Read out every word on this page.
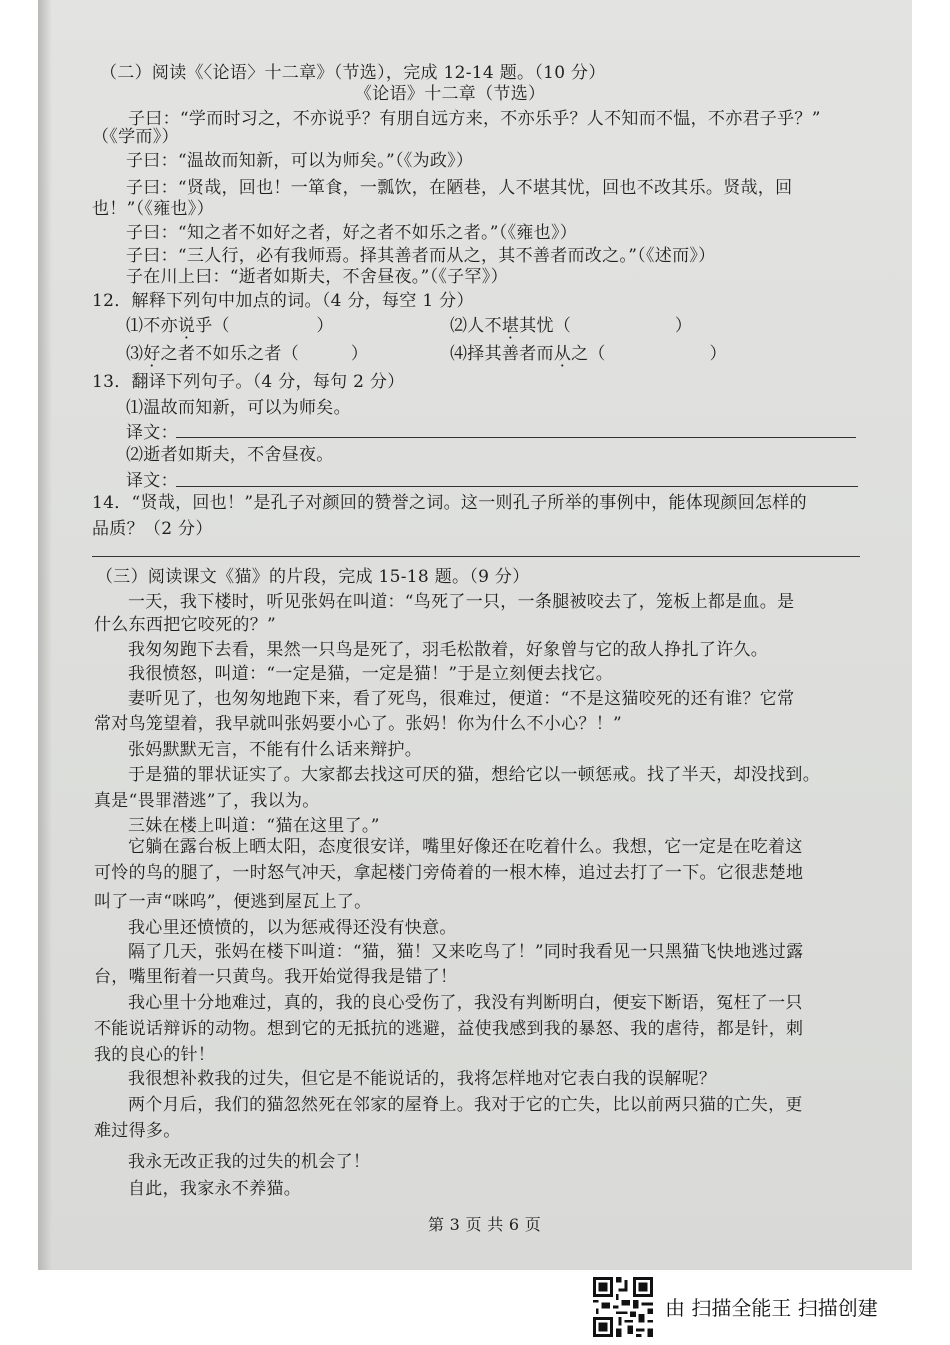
（二）阅读《〈论语〉十二章》（节选），完成 12-14 题。（10 分）
《论语》十二章（节选）
子曰：“学而时习之，不亦说乎？有朋自远方来，不亦乐乎？人不知而不愠，不亦君子乎？”
（《学而》）
子曰：“温故而知新，可以为师矣。”（《为政》）
子曰：“贤哉，回也！一箪食，一瓢饮，在陋巷，人不堪其忧，回也不改其乐。贤哉，回
也！”（《雍也》）
子曰：“知之者不如好之者，好之者不如乐之者。”（《雍也》）
子曰：“三人行，必有我师焉。择其善者而从之，其不善者而改之。”（《述而》）
子在川上曰：“逝者如斯夫，不舍昼夜。”（《子罕》）
12．解释下列句中加点的词。（4 分，每空 1 分）
⑴不亦说乎（　　　　　）	⑵人不堪其忧（　　　　　　）
⑶好之者不如乐之者（　　　）	⑷择其善者而从之（　　　　　　）
13．翻译下列句子。（4 分，每句 2 分）
⑴温故而知新，可以为师矣。
译文：
⑵逝者如斯夫，不舍昼夜。
译文：
14．“贤哉，回也！”是孔子对颜回的赞誉之词。这一则孔子所举的事例中，能体现颜回怎样的
品质？（2 分）
（三）阅读课文《猫》的片段，完成 15-18 题。（9 分）
一天，我下楼时，听见张妈在叫道：“鸟死了一只，一条腿被咬去了，笼板上都是血。是
什么东西把它咬死的？”
我匆匆跑下去看，果然一只鸟是死了，羽毛松散着，好象曾与它的敌人挣扎了许久。
我很愤怒，叫道：“一定是猫，一定是猫！”于是立刻便去找它。
妻听见了，也匆匆地跑下来，看了死鸟，很难过，便道：“不是这猫咬死的还有谁？它常
常对鸟笼望着，我早就叫张妈要小心了。张妈！你为什么不小心？！”
张妈默默无言，不能有什么话来辩护。
于是猫的罪状证实了。大家都去找这可厌的猫，想给它以一顿惩戒。找了半天，却没找到。
真是“畏罪潜逃”了，我以为。
三妹在楼上叫道：“猫在这里了。”
它躺在露台板上晒太阳，态度很安详，嘴里好像还在吃着什么。我想，它一定是在吃着这
可怜的鸟的腿了，一时怒气冲天，拿起楼门旁倚着的一根木棒，追过去打了一下。它很悲楚地
叫了一声“咪呜”，便逃到屋瓦上了。
我心里还愤愤的，以为惩戒得还没有快意。
隔了几天，张妈在楼下叫道：“猫，猫！又来吃鸟了！”同时我看见一只黑猫飞快地逃过露
台，嘴里衔着一只黄鸟。我开始觉得我是错了！
我心里十分地难过，真的，我的良心受伤了，我没有判断明白，便妄下断语，冤枉了一只
不能说话辩诉的动物。想到它的无抵抗的逃避，益使我感到我的暴怒、我的虐待，都是针，刺
我的良心的针！
我很想补救我的过失，但它是不能说话的，我将怎样地对它表白我的误解呢？
两个月后，我们的猫忽然死在邻家的屋脊上。我对于它的亡失，比以前两只猫的亡失，更
难过得多。
我永无改正我的过失的机会了！
自此，我家永不养猫。
第 3 页 共 6 页
由 扫描全能王 扫描创建
